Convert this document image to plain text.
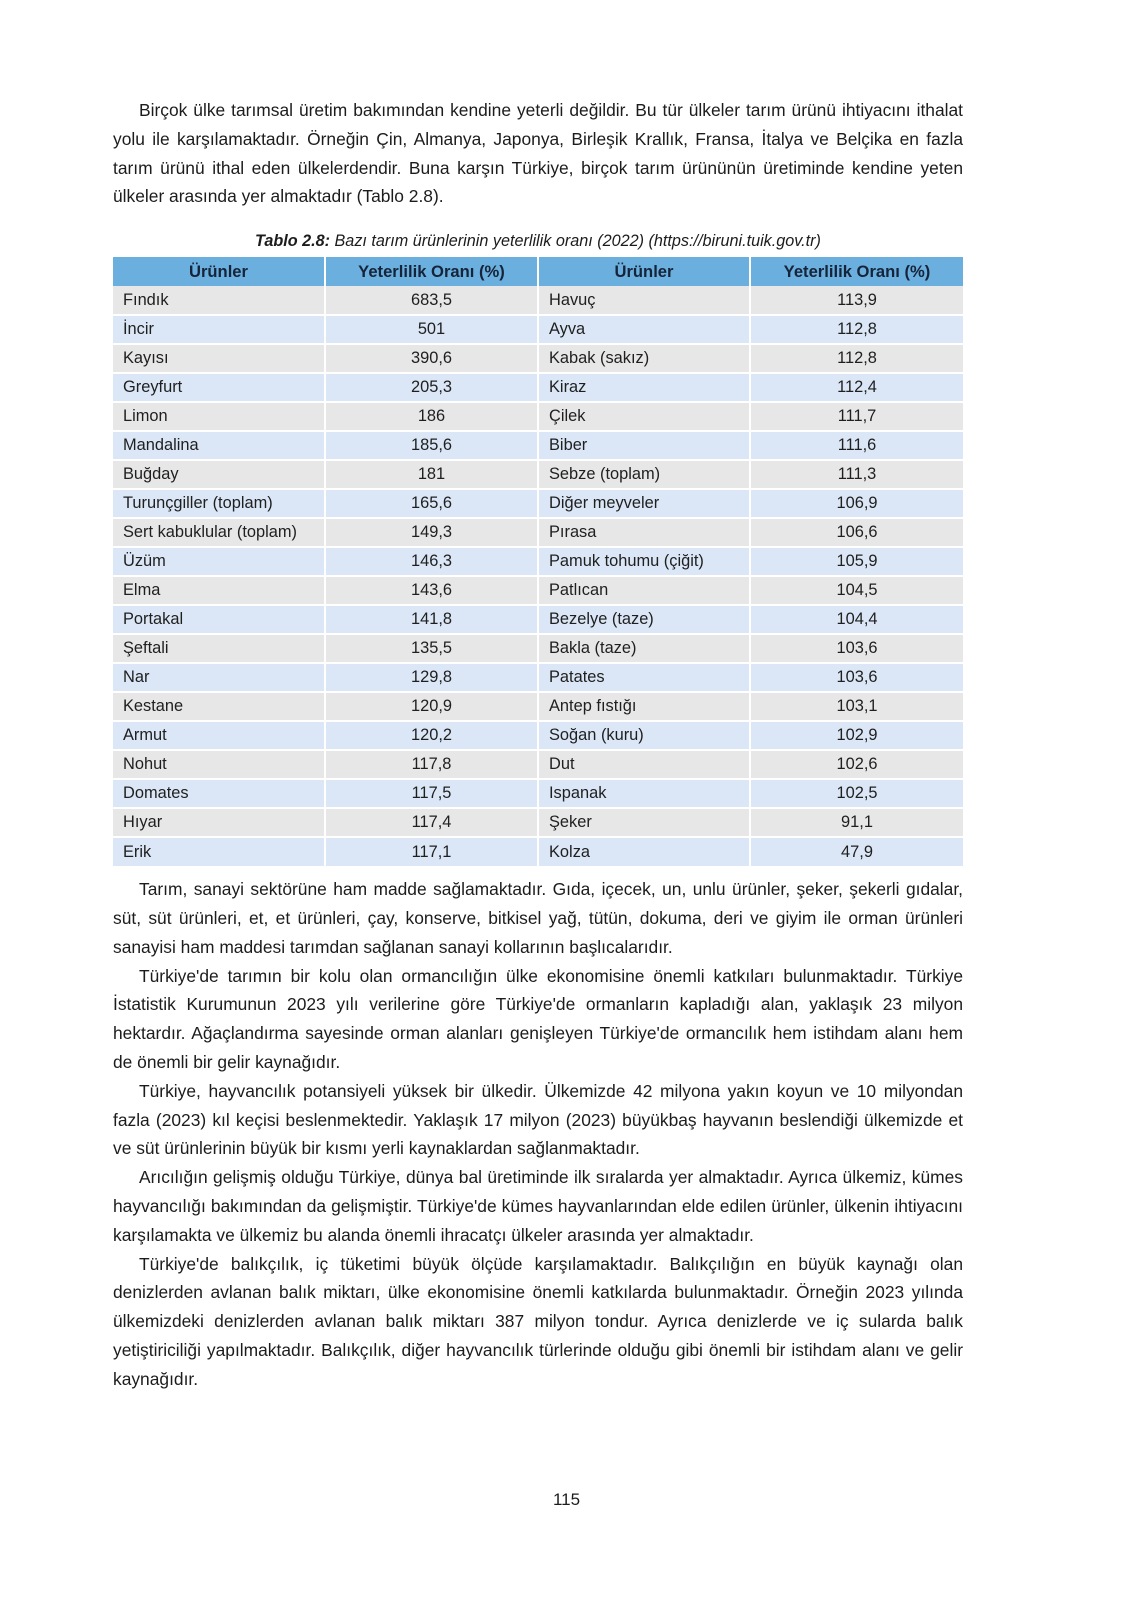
Birçok ülke tarımsal üretim bakımından kendine yeterli değildir. Bu tür ülkeler tarım ürünü ihtiyacını ithalat yolu ile karşılamaktadır. Örneğin Çin, Almanya, Japonya, Birleşik Krallık, Fransa, İtalya ve Belçika en fazla tarım ürünü ithal eden ülkelerdendir. Buna karşın Türkiye, birçok tarım ürününün üretiminde kendine yeten ülkeler arasında yer almaktadır (Tablo 2.8).

Tablo 2.8: Bazı tarım ürünlerinin yeterlilik oranı (2022) (https://biruni.tuik.gov.tr)
Ürünler	Yeterlilik Oranı (%)	Ürünler	Yeterlilik Oranı (%)
Fındık	683,5	Havuç	113,9
İncir	501	Ayva	112,8
Kayısı	390,6	Kabak (sakız)	112,8
Greyfurt	205,3	Kiraz	112,4
Limon	186	Çilek	111,7
Mandalina	185,6	Biber	111,6
Buğday	181	Sebze (toplam)	111,3
Turunçgiller (toplam)	165,6	Diğer meyveler	106,9
Sert kabuklular (toplam)	149,3	Pırasa	106,6
Üzüm	146,3	Pamuk tohumu (çiğit)	105,9
Elma	143,6	Patlıcan	104,5
Portakal	141,8	Bezelye (taze)	104,4
Şeftali	135,5	Bakla (taze)	103,6
Nar	129,8	Patates	103,6
Kestane	120,9	Antep fıstığı	103,1
Armut	120,2	Soğan (kuru)	102,9
Nohut	117,8	Dut	102,6
Domates	117,5	Ispanak	102,5
Hıyar	117,4	Şeker	91,1
Erik	117,1	Kolza	47,9

Tarım, sanayi sektörüne ham madde sağlamaktadır. Gıda, içecek, un, unlu ürünler, şeker, şekerli gıdalar, süt, süt ürünleri, et, et ürünleri, çay, konserve, bitkisel yağ, tütün, dokuma, deri ve giyim ile orman ürünleri sanayisi ham maddesi tarımdan sağlanan sanayi kollarının başlıcalarıdır.

Türkiye'de tarımın bir kolu olan ormancılığın ülke ekonomisine önemli katkıları bulunmaktadır. Türkiye İstatistik Kurumunun 2023 yılı verilerine göre Türkiye'de ormanların kapladığı alan, yaklaşık 23 milyon hektardır. Ağaçlandırma sayesinde orman alanları genişleyen Türkiye'de ormancılık hem istihdam alanı hem de önemli bir gelir kaynağıdır.

Türkiye, hayvancılık potansiyeli yüksek bir ülkedir. Ülkemizde 42 milyona yakın koyun ve 10 milyondan fazla (2023) kıl keçisi beslenmektedir. Yaklaşık 17 milyon (2023) büyükbaş hayvanın beslendiği ülkemizde et ve süt ürünlerinin büyük bir kısmı yerli kaynaklardan sağlanmaktadır.

Arıcılığın gelişmiş olduğu Türkiye, dünya bal üretiminde ilk sıralarda yer almaktadır. Ayrıca ülkemiz, kümes hayvancılığı bakımından da gelişmiştir. Türkiye'de kümes hayvanlarından elde edilen ürünler, ülkenin ihtiyacını karşılamakta ve ülkemiz bu alanda önemli ihracatçı ülkeler arasında yer almaktadır.

Türkiye'de balıkçılık, iç tüketimi büyük ölçüde karşılamaktadır. Balıkçılığın en büyük kaynağı olan denizlerden avlanan balık miktarı, ülke ekonomisine önemli katkılarda bulunmaktadır. Örneğin 2023 yılında ülkemizdeki denizlerden avlanan balık miktarı 387 milyon tondur. Ayrıca denizlerde ve iç sularda balık yetiştiriciliği yapılmaktadır. Balıkçılık, diğer hayvancılık türlerinde olduğu gibi önemli bir istihdam alanı ve gelir kaynağıdır.

115
